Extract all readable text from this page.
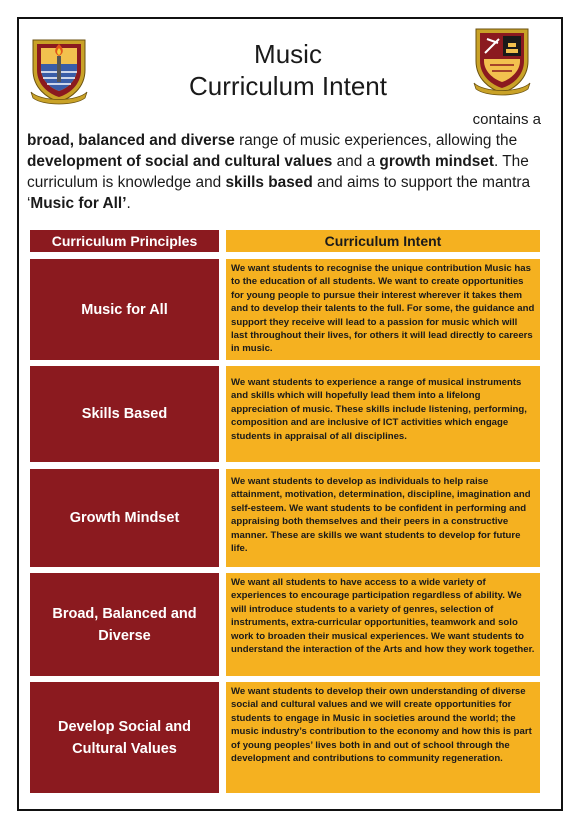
Music
Curriculum Intent
contains a
broad, balanced and diverse range of music experiences, allowing the development of social and cultural values and a growth mindset. The curriculum is knowledge and skills based and aims to support the mantra ‘Music for All’.
Curriculum Principles	Curriculum Intent
Music for All
We want students to recognise the unique contribution Music has to the education of all students. We want to create opportunities for young people to pursue their interest wherever it takes them and to develop their talents to the full. For some, the guidance and support they receive will lead to a passion for music which will last throughout their lives, for others it will lead directly to careers in music.
Skills Based
We want students to experience a range of musical instruments and skills which will hopefully lead them into a lifelong appreciation of music. These skills include listening, performing, composition and are inclusive of ICT activities which engage students in appraisal of all disciplines.
Growth Mindset
We want students to develop as individuals to help raise attainment, motivation, determination, discipline, imagination and self-esteem. We want students to be confident in performing and appraising both themselves and their peers in a constructive manner. These are skills we want students to develop for future life.
Broad, Balanced and Diverse
We want all students to have access to a wide variety of experiences to encourage participation regardless of ability. We will introduce students to a variety of genres, selection of instruments, extra-curricular opportunities, teamwork and solo work to broaden their musical experiences. We want students to understand the interaction of the Arts and how they work together.
Develop Social and Cultural Values
We want students to develop their own understanding of diverse social and cultural values and we will create opportunities for students to engage in Music in societies around the world; the music industry’s contribution to the economy and how this is part of young peoples’ lives both in and out of school through the development and contributions to community regeneration.
